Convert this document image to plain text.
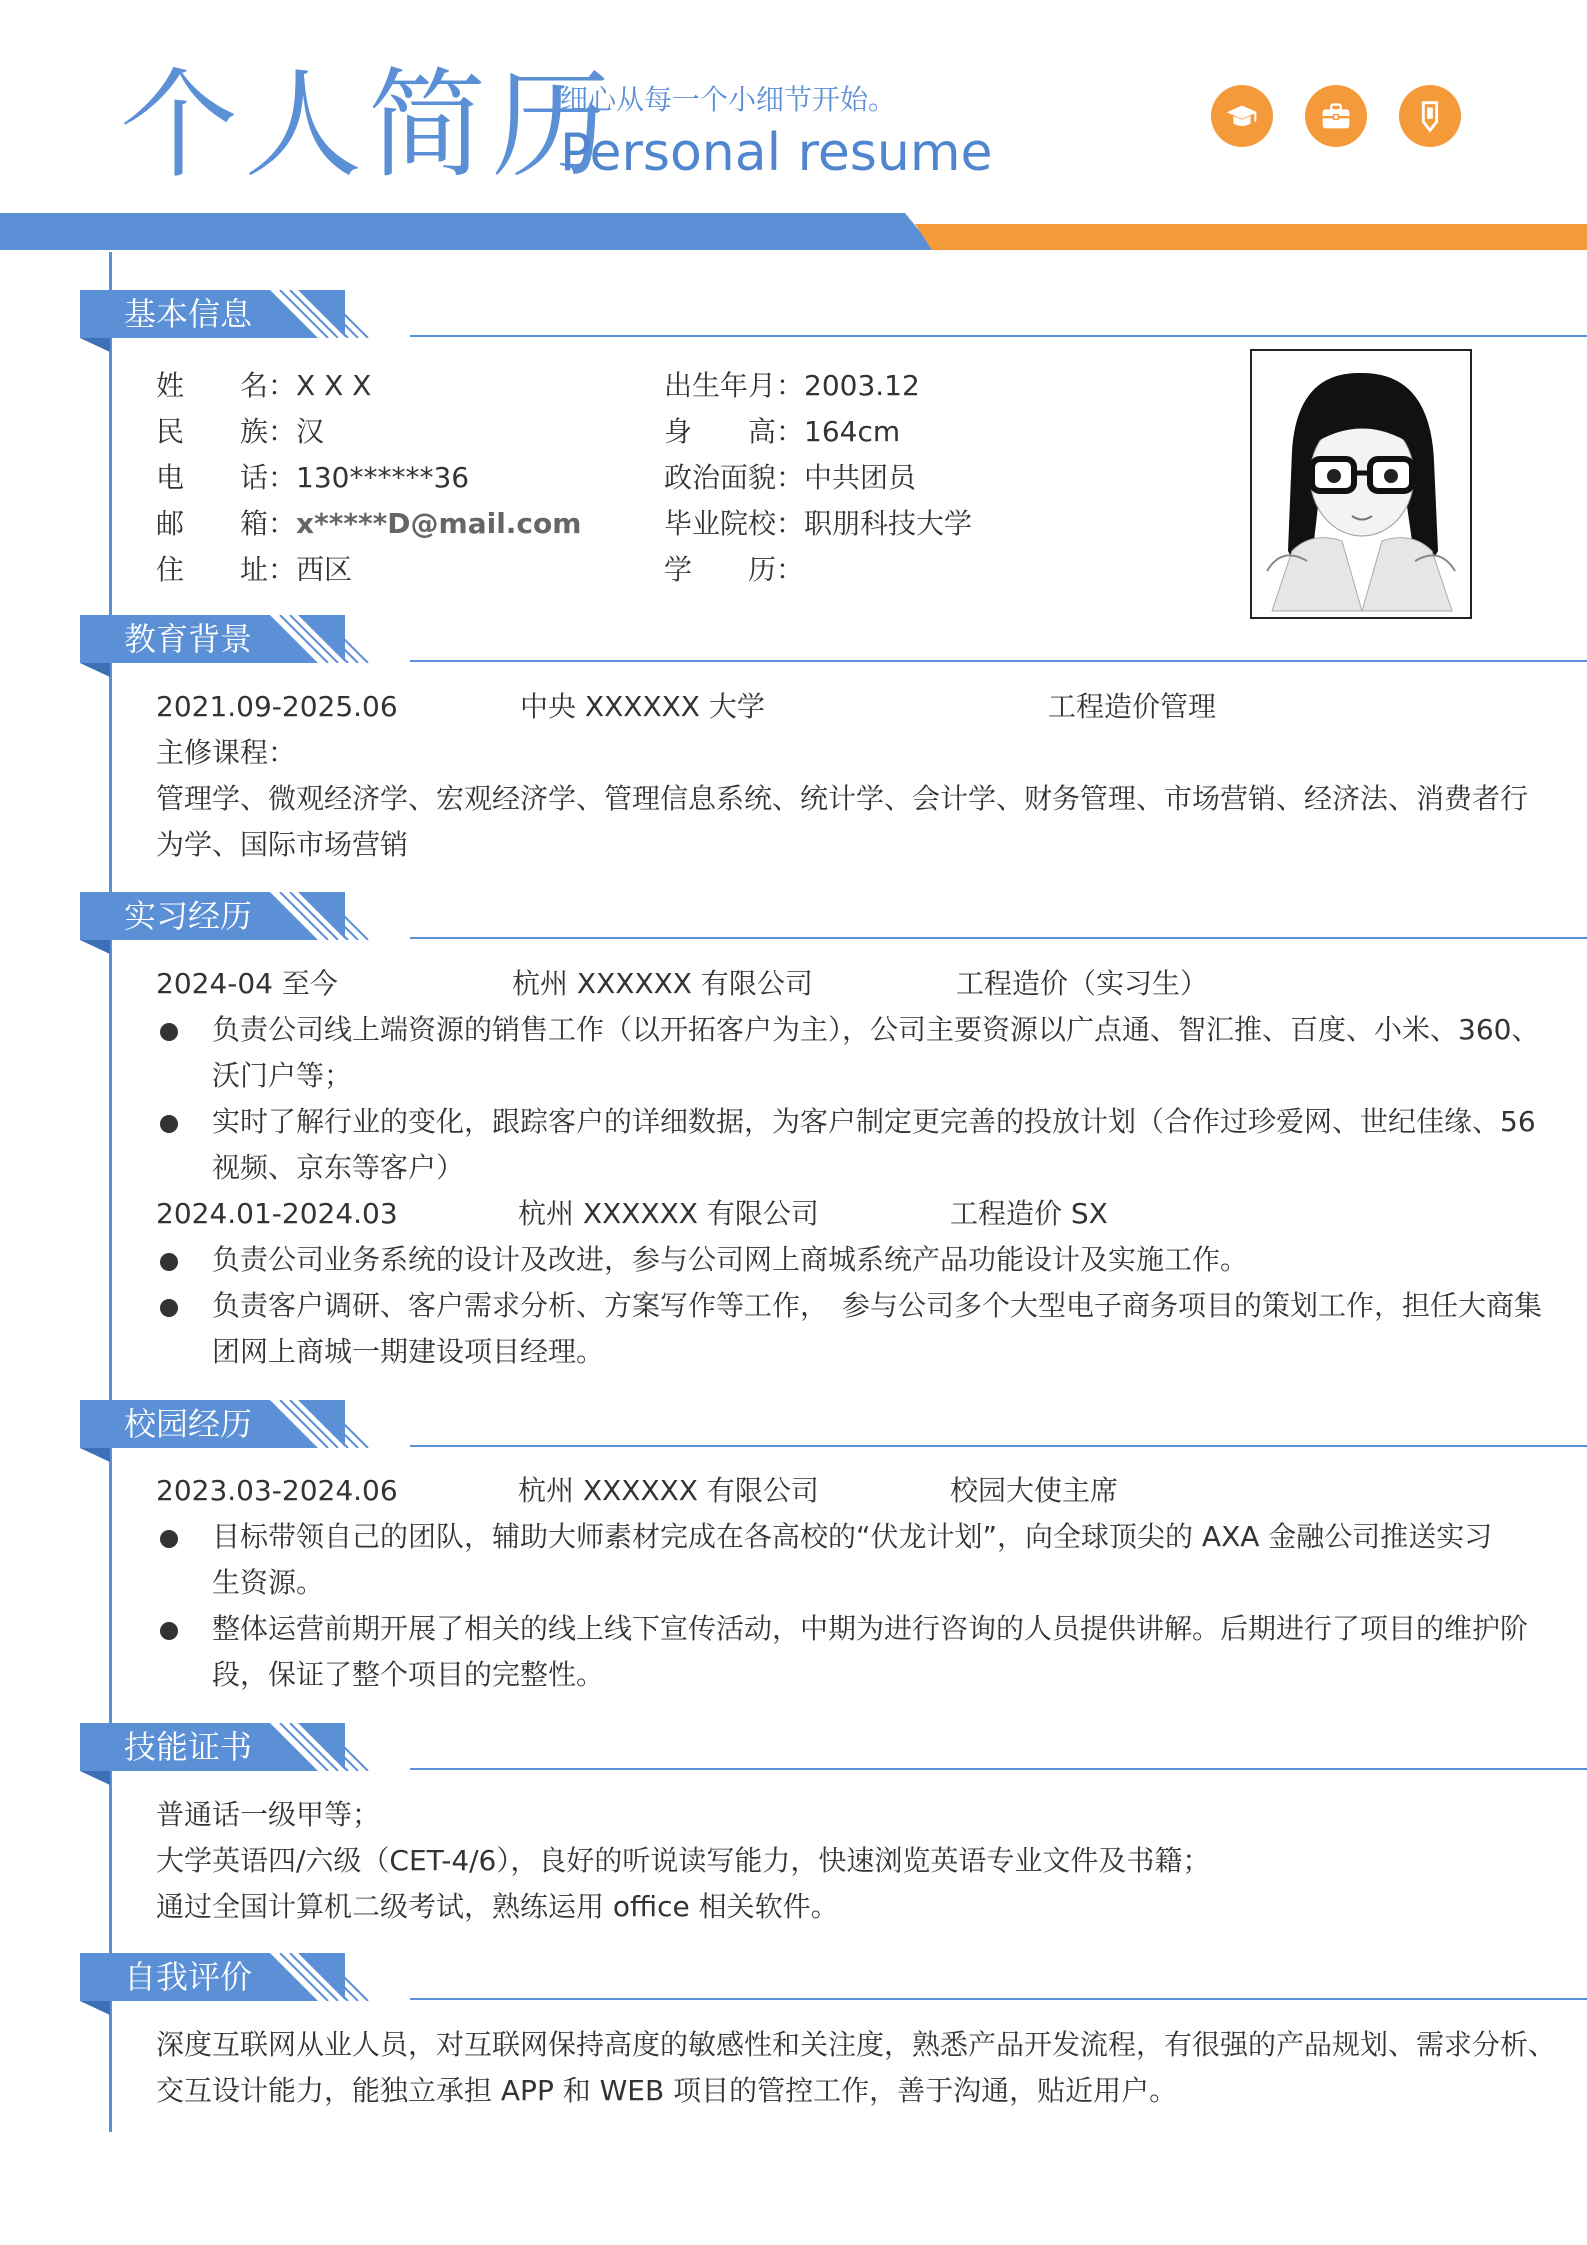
个人简历
细心从每一个小细节开始。
Personal resume
基本信息
姓　　名：X X X
民　　族：汉
电　　话：130******36
邮　　箱：x*****D@mail.com
住　　址：西区
出生年月：2003.12
身　　高：164cm
政治面貌：中共团员
毕业院校：职朋科技大学
学　　历：
教育背景
2021.09-2025.06	中央 XXXXXX 大学	工程造价管理
主修课程：
管理学、微观经济学、宏观经济学、管理信息系统、统计学、会计学、财务管理、市场营销、经济法、消费者行
为学、国际市场营销
实习经历
2024-04 至今	杭州 XXXXXX 有限公司	工程造价（实习生）
负责公司线上端资源的销售工作（以开拓客户为主），公司主要资源以广点通、智汇推、百度、小米、360、
沃门户等；
实时了解行业的变化，跟踪客户的详细数据，为客户制定更完善的投放计划（合作过珍爱网、世纪佳缘、56
视频、京东等客户）
2024.01-2024.03	杭州 XXXXXX 有限公司	工程造价 SX
负责公司业务系统的设计及改进，参与公司网上商城系统产品功能设计及实施工作。
负责客户调研、客户需求分析、方案写作等工作，　参与公司多个大型电子商务项目的策划工作，担任大商集
团网上商城一期建设项目经理。
校园经历
2023.03-2024.06	杭州 XXXXXX 有限公司	校园大使主席
目标带领自己的团队，辅助大师素材完成在各高校的“伏龙计划”，向全球顶尖的 AXA 金融公司推送实习
生资源。
整体运营前期开展了相关的线上线下宣传活动，中期为进行咨询的人员提供讲解。后期进行了项目的维护阶
段，保证了整个项目的完整性。
技能证书
普通话一级甲等；
大学英语四/六级（CET-4/6），良好的听说读写能力，快速浏览英语专业文件及书籍；
通过全国计算机二级考试，熟练运用 office 相关软件。
自我评价
深度互联网从业人员，对互联网保持高度的敏感性和关注度，熟悉产品开发流程，有很强的产品规划、需求分析、
交互设计能力，能独立承担 APP 和 WEB 项目的管控工作，善于沟通，贴近用户。
